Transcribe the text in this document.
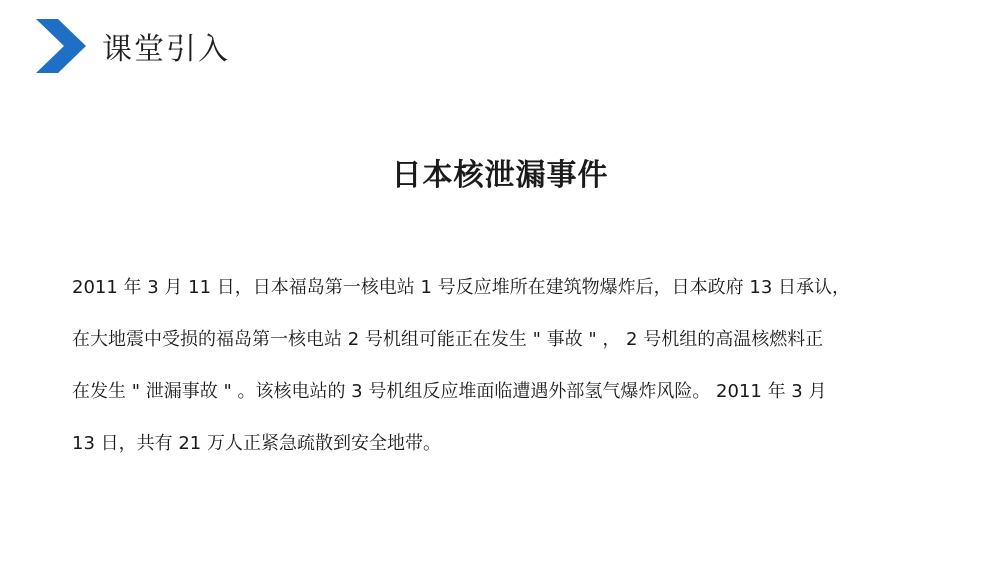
课堂引入
日本核泄漏事件
2011 年 3 月 11 日，日本福岛第一核电站 1 号反应堆所在建筑物爆炸后，日本政府 13 日承认，
在大地震中受损的福岛第一核电站 2 号机组可能正在发生 " 事故 " ， 2 号机组的高温核燃料正
在发生 " 泄漏事故 " 。该核电站的 3 号机组反应堆面临遭遇外部氢气爆炸风险。 2011 年 3 月
13 日，共有 21 万人正紧急疏散到安全地带。
